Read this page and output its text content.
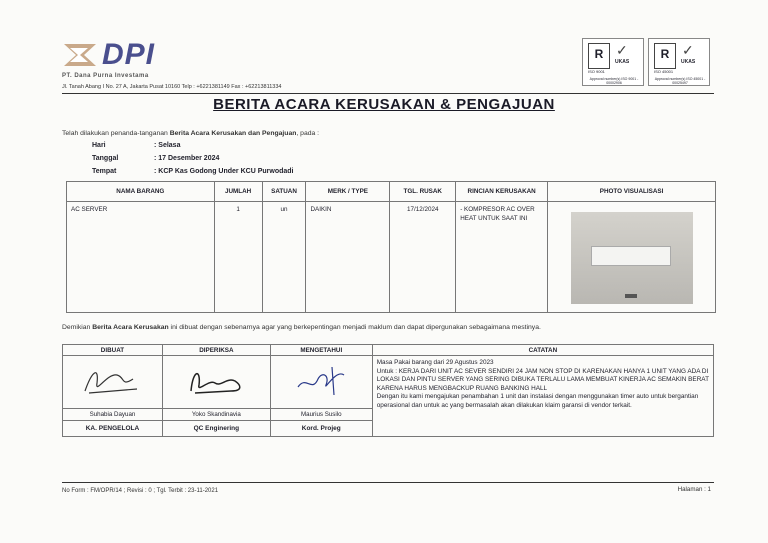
DPI
PT. Dana Purna Investama
Jl. Tanah Abang I No. 27 A, Jakarta Pusat 10160 Telp : +6221381149 Fax : +62213811334
R ✓
UKAS
ISO 9001
Approval number(s) ISO 9001 - 00002906
R ✓
UKAS
ISO 45001
Approval number(s) ISO 45001 - 00025497
BERITA ACARA KERUSAKAN & PENGAJUAN
Telah dilakukan penanda-tanganan Berita Acara Kerusakan dan Pengajuan, pada :
Hari	: Selasa
Tanggal	: 17 Desember 2024
Tempat	: KCP Kas Godong Under KCU Purwodadi
NAMA BARANG	JUMLAH	SATUAN	MERK / TYPE	TGL. RUSAK	RINCIAN KERUSAKAN	PHOTO VISUALISASI
AC SERVER	1	un	DAIKIN	17/12/2024	- KOMPRESOR AC OVER HEAT UNTUK SAAT INI	
Demikian Berita Acara Kerusakan ini dibuat dengan sebenarnya agar yang berkepentingan menjadi maklum dan dapat dipergunakan sebagaimana mestinya.
DIBUAT	DIPERIKSA	MENGETAHUI	CATATAN

Masa Pakai barang dari 29 Agustus 2023
Untuk : KERJA DARI UNIT AC SEVER SENDIRI 24 JAM NON STOP DI KARENAKAN HANYA 1 UNIT YANG ADA DI LOKASI DAN PINTU SERVER YANG SERING DIBUKA TERLALU LAMA MEMBUAT KINERJA AC SEMAKIN BERAT KARENA HARUS MENGBACKUP RUANG BANKING HALL
Dengan itu kami mengajukan penambahan 1 unit dan instalasi dengan menggunakan timer auto untuk bergantian operasional dan untuk ac yang bermasalah akan dilakukan klaim garansi di vendor terkait.

Suhabia Dayuan	Yoko Skandinavia	Maurius Susilo	
KA. PENGELOLA	QC Enginering	Kord. Projeg	
No Form : FM/OPR/14 ; Revisi : 0 ; Tgl. Terbit : 23-11-2021	Halaman : 1
